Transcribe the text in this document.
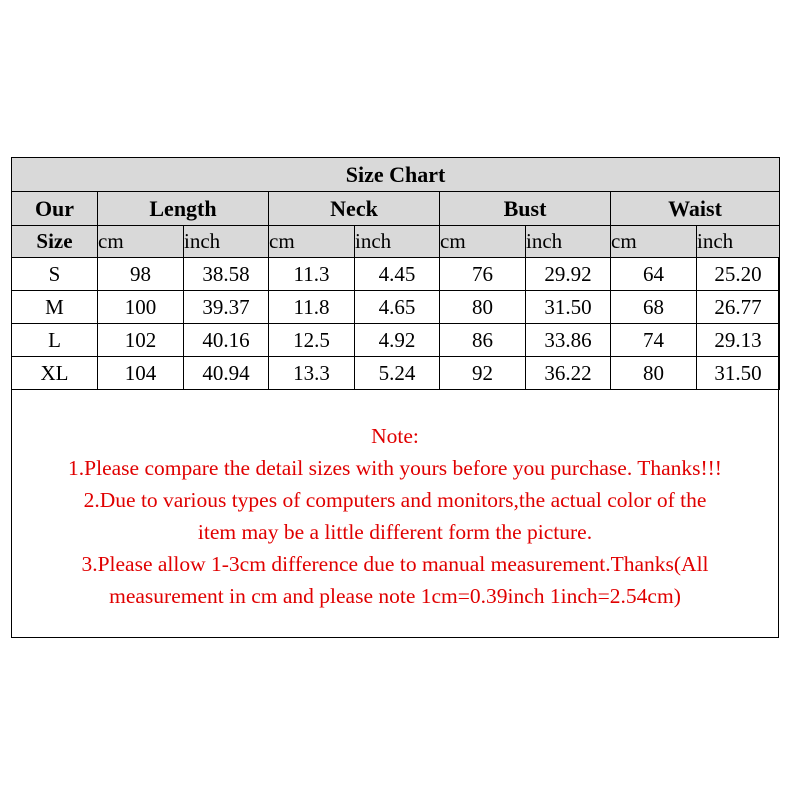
Size Chart								
Our	Length		Neck		Bust		Waist	
Size	cm	inch	cm	inch	cm	inch	cm	inch
S	98	38.58	11.3	4.45	76	29.92	64	25.20
M	100	39.37	11.8	4.65	80	31.50	68	26.77
L	102	40.16	12.5	4.92	86	33.86	74	29.13
XL	104	40.94	13.3	5.24	92	36.22	80	31.50
Note:
1.Please compare the detail sizes with yours before you purchase. Thanks!!!
2.Due to various types of computers and monitors,the actual color of the
item may be a little different form the picture.
3.Please allow 1-3cm difference due to manual measurement.Thanks(All
measurement in cm and please note 1cm=0.39inch 1inch=2.54cm)
